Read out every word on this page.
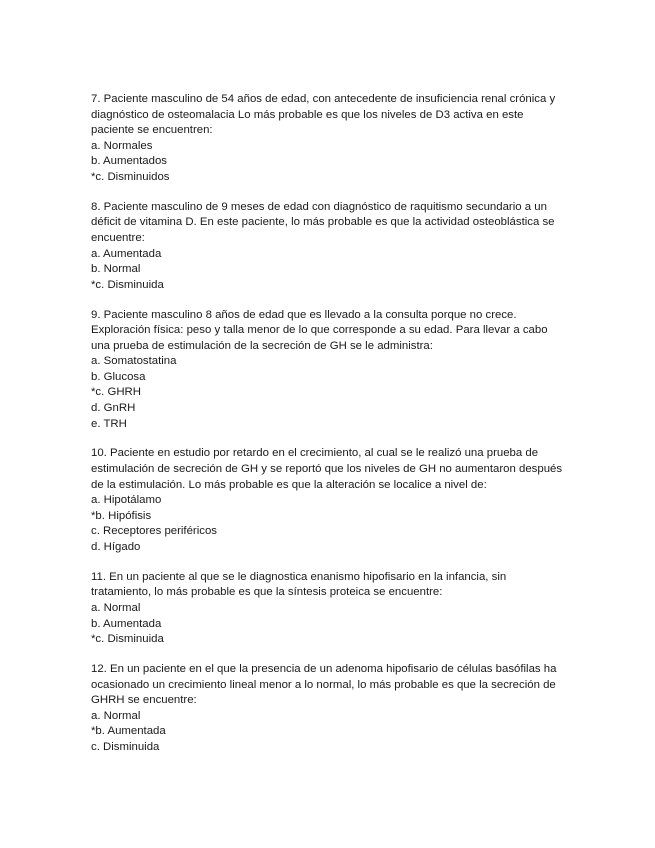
7. Paciente masculino de 54 años de edad, con antecedente de insuficiencia renal crónica y diagnóstico de osteomalacia Lo más probable es que los niveles de D3 activa en este paciente se encuentren:

a. Normales
b. Aumentados
*c. Disminuidos

8. Paciente masculino de 9 meses de edad con diagnóstico de raquitismo secundario a un déficit de vitamina D. En este paciente, lo más probable es que la actividad osteoblástica se encuentre:

a. Aumentada
b. Normal
*c. Disminuida

9. Paciente masculino 8 años de edad que es llevado a la consulta porque no crece. Exploración física: peso y talla menor de lo que corresponde a su edad. Para llevar a cabo una prueba de estimulación de la secreción de GH se le administra:

a. Somatostatina
b. Glucosa
*c. GHRH
d. GnRH
e. TRH

10. Paciente en estudio por retardo en el crecimiento, al cual se le realizó una prueba de estimulación de secreción de GH y se reportó que los niveles de GH no aumentaron después de la estimulación. Lo más probable es que la alteración se localice a nivel de:

a. Hipotálamo
*b. Hipófisis
c. Receptores periféricos
d. Hígado

11. En un paciente al que se le diagnostica enanismo hipofisario en la infancia, sin tratamiento, lo más probable es que la síntesis proteica se encuentre:

a. Normal
b. Aumentada
*c. Disminuida

12. En un paciente en el que la presencia de un adenoma hipofisario de células basófilas ha ocasionado un crecimiento lineal menor a lo normal, lo más probable es que la secreción de GHRH se encuentre:

a. Normal
*b. Aumentada
c. Disminuida
